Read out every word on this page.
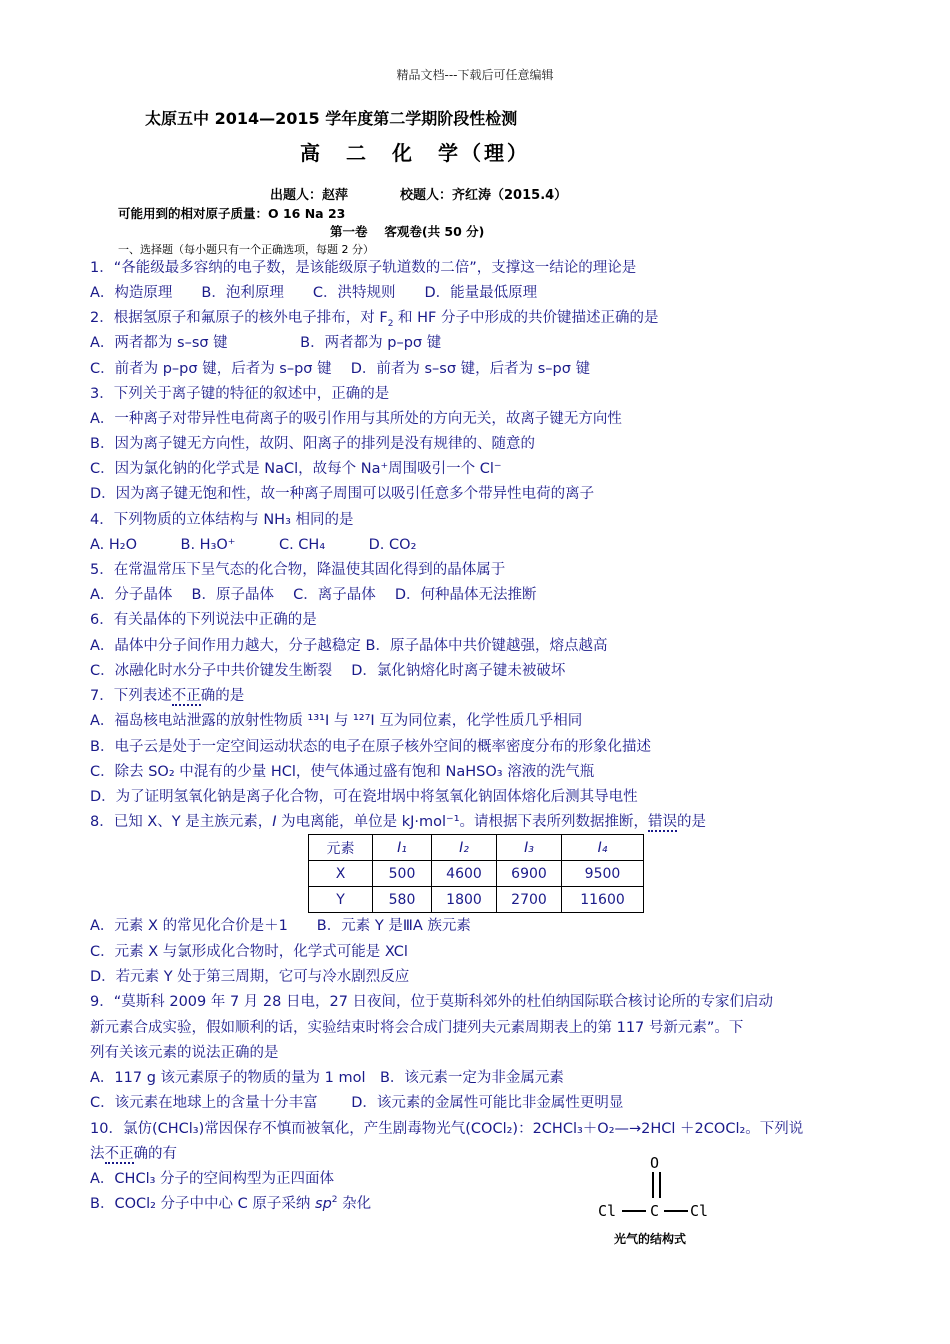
精品文档---下载后可任意编辑
太原五中 2014—2015 学年度第二学期阶段性检测
高　二　化　学（理）
出题人：赵萍	校题人：齐红涛（2015.4）
可能用到的相对原子质量：O 16 Na 23
第一卷　 客观卷(共 50 分)
一、选择题（每小题只有一个正确选项，每题 2 分）
1．“各能级最多容纳的电子数，是该能级原子轨道数的二倍”，支撑这一结论的理论是
A．构造原理　　B．泡利原理　　C．洪特规则　　D．能量最低原理
2．根据氢原子和氟原子的核外电子排布，对 $F_2$ 和 HF 分子中形成的共价键描述正确的是
A．两者都为 s–sσ 键　　　　　B．两者都为 p–pσ 键
C．前者为 p–pσ 键，后者为 s–pσ 键　 D．前者为 s–sσ 键，后者为 s–pσ 键
3．下列关于离子键的特征的叙述中，正确的是
A．一种离子对带异性电荷离子的吸引作用与其所处的方向无关，故离子键无方向性
B．因为离子键无方向性，故阴、阳离子的排列是没有规律的、随意的
C．因为氯化钠的化学式是 NaCl，故每个 Na⁺周围吸引一个 Cl⁻
D．因为离子键无饱和性，故一种离子周围可以吸引任意多个带异性电荷的离子
4．下列物质的立体结构与 NH₃ 相同的是
A. H₂O　　　B. H₃O⁺　　　C. CH₄　　　D. CO₂
5．在常温常压下呈气态的化合物，降温使其固化得到的晶体属于
A．分子晶体　 B．原子晶体　 C．离子晶体　 D．何种晶体无法推断
6．有关晶体的下列说法中正确的是
A．晶体中分子间作用力越大，分子越稳定 B．原子晶体中共价键越强，熔点越高
C．冰融化时水分子中共价键发生断裂　 D．氯化钠熔化时离子键未被破坏
7．下列表述不正确的是
A．福岛核电站泄露的放射性物质 ¹³¹I 与 ¹²⁷I 互为同位素，化学性质几乎相同
B．电子云是处于一定空间运动状态的电子在原子核外空间的概率密度分布的形象化描述
C．除去 SO₂ 中混有的少量 HCl，使气体通过盛有饱和 NaHSO₃ 溶液的洗气瓶
D．为了证明氢氧化钠是离子化合物，可在瓷坩埚中将氢氧化钠固体熔化后测其导电性
8．已知 X、Y 是主族元素，I 为电离能，单位是 kJ·mol⁻¹。请根据下表所列数据推断，错误的是
元素	I₁	I₂	I₃	I₄
X	500	4600	6900	9500
Y	580	1800	2700	11600
A．元素 X 的常见化合价是＋1　　B．元素 Y 是ⅢA 族元素
C．元素 X 与氯形成化合物时，化学式可能是 XCl
D．若元素 Y 处于第三周期，它可与冷水剧烈反应
9．“莫斯科 2009 年 7 月 28 日电，27 日夜间，位于莫斯科郊外的杜伯纳国际联合核讨论所的专家们启动
新元素合成实验，假如顺利的话，实验结束时将会合成门捷列夫元素周期表上的第 117 号新元素”。下
列有关该元素的说法正确的是
A．117 g 该元素原子的物质的量为 1 mol　B．该元素一定为非金属元素
C．该元素在地球上的含量十分丰富　　 D．该元素的金属性可能比非金属性更明显
10．氯仿(CHCl₃)常因保存不慎而被氧化，产生剧毒物光气(COCl₂)：2CHCl₃＋O₂—→2HCl ＋2COCl₂。下列说
法不正确的有
A．CHCl₃ 分子的空间构型为正四面体
B．COCl₂ 分子中中心 C 原子采纳 $sp^2$ 杂化
O
Cl C Cl
光气的结构式
